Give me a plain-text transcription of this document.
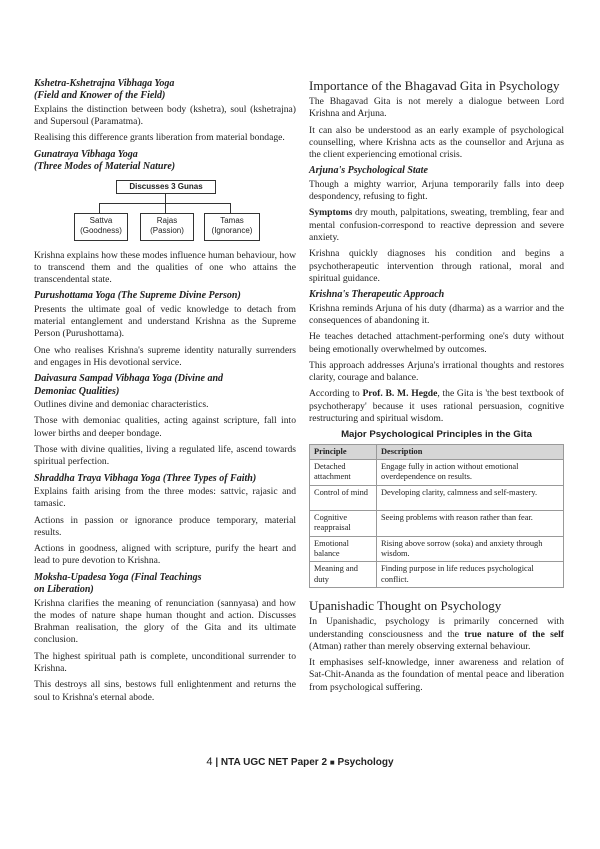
Kshetra-Kshetrajna Vibhaga Yoga
(Field and Knower of the Field)

Explains the distinction between body (kshetra), soul (kshetrajna) and Supersoul (Paramatma).

Realising this difference grants liberation from material bondage.

Gunatraya Vibhaga Yoga
(Three Modes of Material Nature)
Discusses 3 Gunas
Sattva
(Goodness)
Rajas
(Passion)
Tamas
(Ignorance)

Krishna explains how these modes influence human behaviour, how to transcend them and the qualities of one who attains the transcendental state.

Purushottama Yoga (The Supreme Divine Person)

Presents the ultimate goal of vedic knowledge to detach from material entanglement and understand Krishna as the Supreme Person (Purushottama).

One who realises Krishna's supreme identity naturally surrenders and engages in His devotional service.

Daivasura Sampad Vibhaga Yoga (Divine and
Demoniac Qualities)

Outlines divine and demoniac characteristics.

Those with demoniac qualities, acting against scripture, fall into lower births and deeper bondage.

Those with divine qualities, living a regulated life, ascend towards spiritual perfection.

Shraddha Traya Vibhaga Yoga (Three Types of Faith)

Explains faith arising from the three modes: sattvic, rajasic and tamasic.

Actions in passion or ignorance produce temporary, material results.

Actions in goodness, aligned with scripture, purify the heart and lead to pure devotion to Krishna.

Moksha-Upadesa Yoga (Final Teachings
on Liberation)

Krishna clarifies the meaning of renunciation (sannyasa) and how the modes of nature shape human thought and action. Discusses Brahman realisation, the glory of the Gita and its ultimate conclusion.

The highest spiritual path is complete, unconditional surrender to Krishna.

This destroys all sins, bestows full enlightenment and returns the soul to Krishna's eternal abode.

Importance of the Bhagavad Gita in Psychology

The Bhagavad Gita is not merely a dialogue between Lord Krishna and Arjuna.

It can also be understood as an early example of psychological counselling, where Krishna acts as the counsellor and Arjuna as the client experiencing emotional crisis.

Arjuna's Psychological State

Though a mighty warrior, Arjuna temporarily falls into deep despondency, refusing to fight.

Symptoms dry mouth, palpitations, sweating, trembling, fear and mental confusion-correspond to reactive depression and severe anxiety.

Krishna quickly diagnoses his condition and begins a psychotherapeutic intervention through rational, moral and spiritual guidance.

Krishna's Therapeutic Approach

Krishna reminds Arjuna of his duty (dharma) as a warrior and the consequences of abandoning it.

He teaches detached attachment-performing one's duty without being emotionally overwhelmed by outcomes.

This approach addresses Arjuna's irrational thoughts and restores clarity, courage and balance.

According to Prof. B. M. Hegde, the Gita is 'the best textbook of psychotherapy' because it uses rational persuasion, cognitive restructuring and spiritual wisdom.

Major Psychological Principles in the Gita
Principle	Description
Detached attachment	Engage fully in action without emotional overdependence on results.
Control of mind	Developing clarity, calmness and self-mastery.
Cognitive reappraisal	Seeing problems with reason rather than fear.
Emotional balance	Rising above sorrow (soka) and anxiety through wisdom.
Meaning and duty	Finding purpose in life reduces psychological conflict.
Upanishadic Thought on Psychology

In Upanishadic, psychology is primarily concerned with understanding consciousness and the true nature of the self (Atman) rather than merely observing external behaviour.

It emphasises self-knowledge, inner awareness and relation of Sat-Chit-Ananda as the foundation of mental peace and liberation from psychological suffering.

4 | NTA UGC NET Paper 2 ■ Psychology
